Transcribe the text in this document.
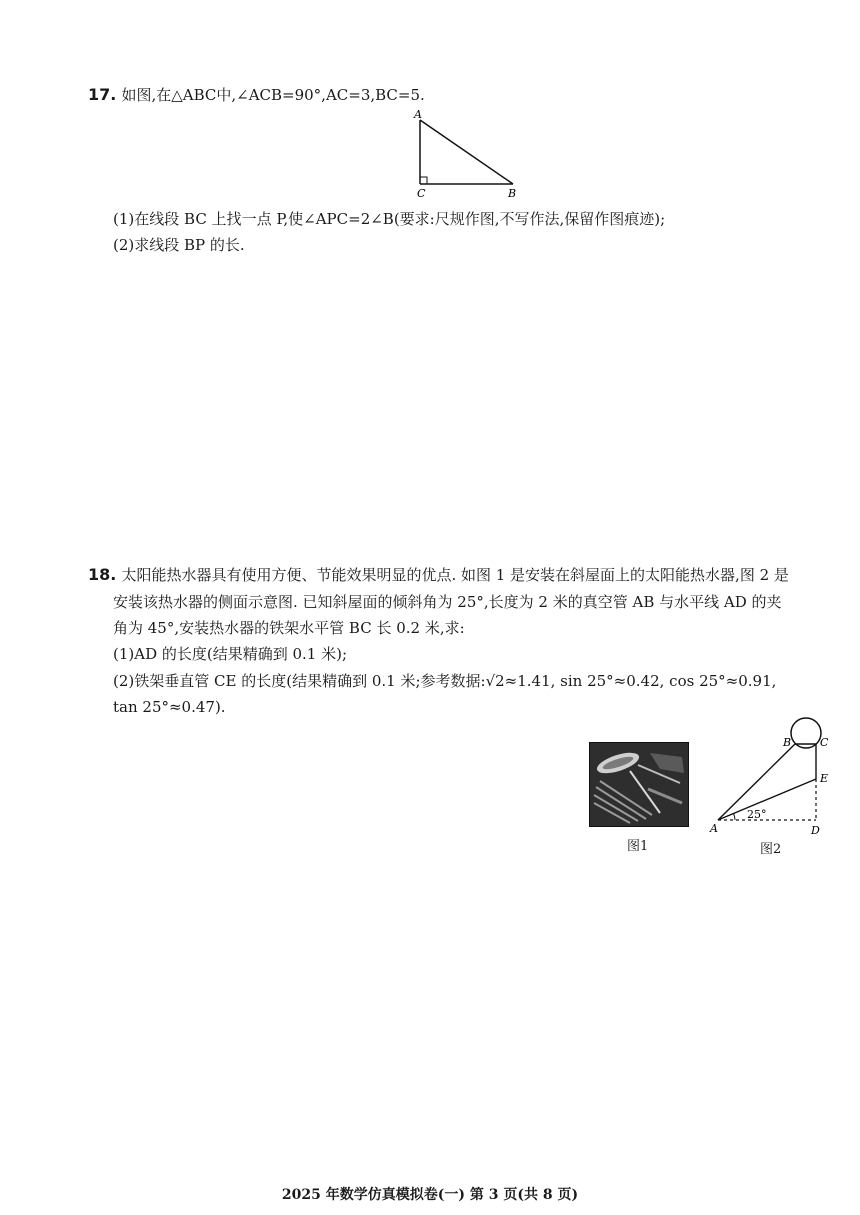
17. 如图,在△ABC中,∠ACB=90°,AC=3,BC=5.
A
C	B
(1)在线段 BC 上找一点 P,使∠APC=2∠B(要求:尺规作图,不写作法,保留作图痕迹);
(2)求线段 BP 的长.
18. 太阳能热水器具有使用方便、节能效果明显的优点. 如图 1 是安装在斜屋面上的太阳能热水器,图 2 是
安装该热水器的侧面示意图. 已知斜屋面的倾斜角为 25°,长度为 2 米的真空管 AB 与水平线 AD 的夹
角为 45°,安装热水器的铁架水平管 BC 长 0.2 米,求:
(1)AD 的长度(结果精确到 0.1 米);
(2)铁架垂直管 CE 的长度(结果精确到 0.1 米;参考数据:√2≈1.41, sin 25°≈0.42, cos 25°≈0.91,
tan 25°≈0.47).
图1
25°
A
B	C
E
D
图2
2025 年数学仿真模拟卷(一) 第 3 页(共 8 页)
